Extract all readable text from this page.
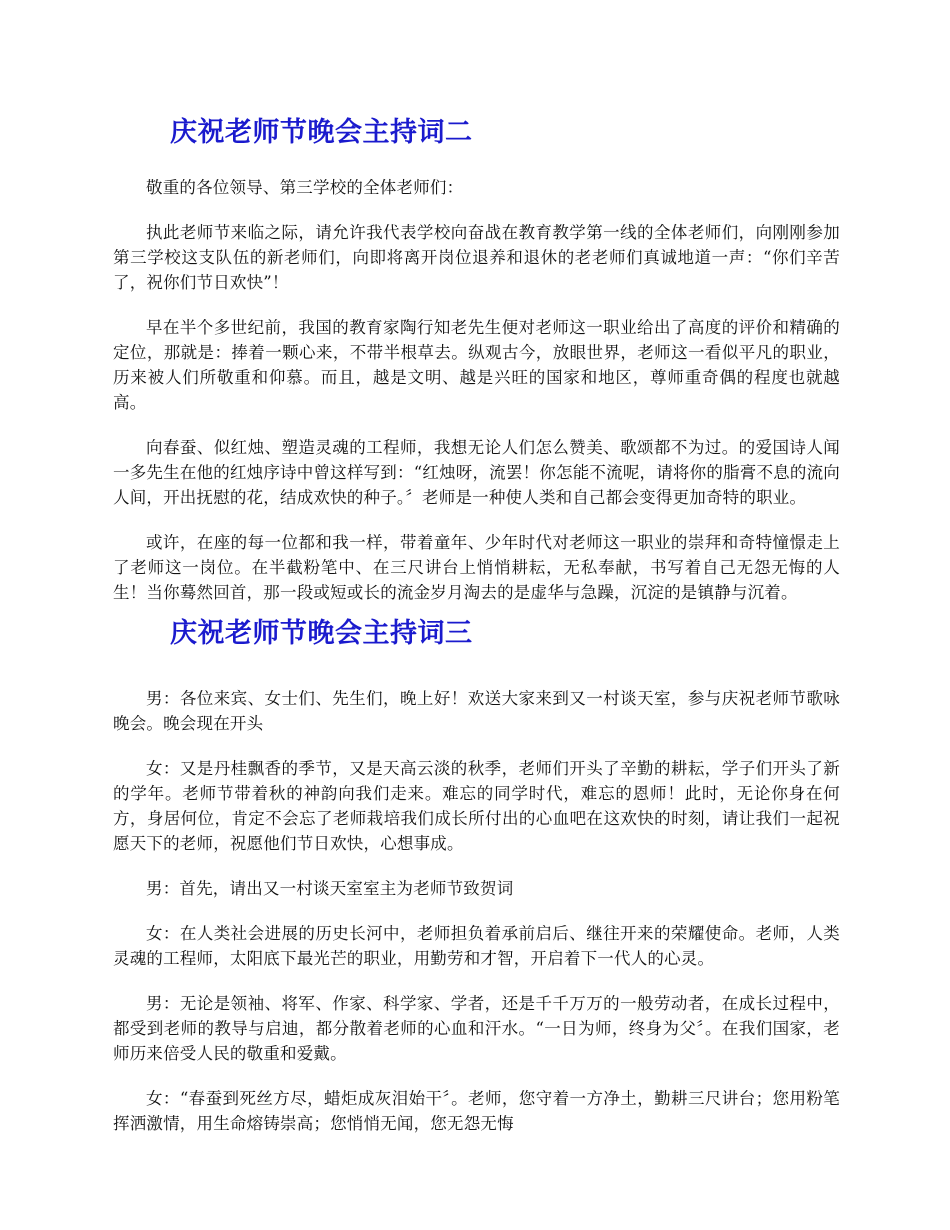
庆祝老师节晚会主持词二

敬重的各位领导、第三学校的全体老师们：

执此老师节来临之际，请允许我代表学校向奋战在教育教学第一线的全体老师们，向刚刚参加第三学校这支队伍的新老师们，向即将离开岗位退养和退休的老老师们真诚地道一声：“你们辛苦了，祝你们节日欢快”！

早在半个多世纪前，我国的教育家陶行知老先生便对老师这一职业给出了高度的评价和精确的定位，那就是：捧着一颗心来，不带半根草去。纵观古今，放眼世界，老师这一看似平凡的职业，历来被人们所敬重和仰慕。而且，越是文明、越是兴旺的国家和地区，尊师重奇偶的程度也就越高。

向春蚕、似红烛、塑造灵魂的工程师，我想无论人们怎么赞美、歌颂都不为过。的爱国诗人闻一多先生在他的红烛序诗中曾这样写到：“红烛呀，流罢！你怎能不流呢，请将你的脂膏不息的流向人间，开出抚慰的花，结成欢快的种子。〞老师是一种使人类和自己都会变得更加奇特的职业。

或许，在座的每一位都和我一样，带着童年、少年时代对老师这一职业的崇拜和奇特憧憬走上了老师这一岗位。在半截粉笔中、在三尺讲台上悄悄耕耘，无私奉献，书写着自己无怨无悔的人生！当你蓦然回首，那一段或短或长的流金岁月淘去的是虚华与急躁，沉淀的是镇静与沉着。

庆祝老师节晚会主持词三

男：各位来宾、女士们、先生们，晚上好！欢送大家来到又一村谈天室，参与庆祝老师节歌咏晚会。晚会现在开头

女：又是丹桂飘香的季节，又是天高云淡的秋季，老师们开头了辛勤的耕耘，学子们开头了新的学年。老师节带着秋的神韵向我们走来。难忘的同学时代，难忘的恩师！此时，无论你身在何方，身居何位，肯定不会忘了老师栽培我们成长所付出的心血吧在这欢快的时刻，请让我们一起祝愿天下的老师，祝愿他们节日欢快，心想事成。

男：首先，请出又一村谈天室室主为老师节致贺词

女：在人类社会进展的历史长河中，老师担负着承前启后、继往开来的荣耀使命。老师，人类灵魂的工程师，太阳底下最光芒的职业，用勤劳和才智，开启着下一代人的心灵。

男：无论是领袖、将军、作家、科学家、学者，还是千千万万的一般劳动者，在成长过程中，都受到老师的教导与启迪，都分散着老师的心血和汗水。“一日为师，终身为父〞。在我们国家，老师历来倍受人民的敬重和爱戴。

女：“春蚕到死丝方尽，蜡炬成灰泪始干〞。老师，您守着一方净土，勤耕三尺讲台；您用粉笔挥洒激情，用生命熔铸崇高；您悄悄无闻，您无怨无悔
